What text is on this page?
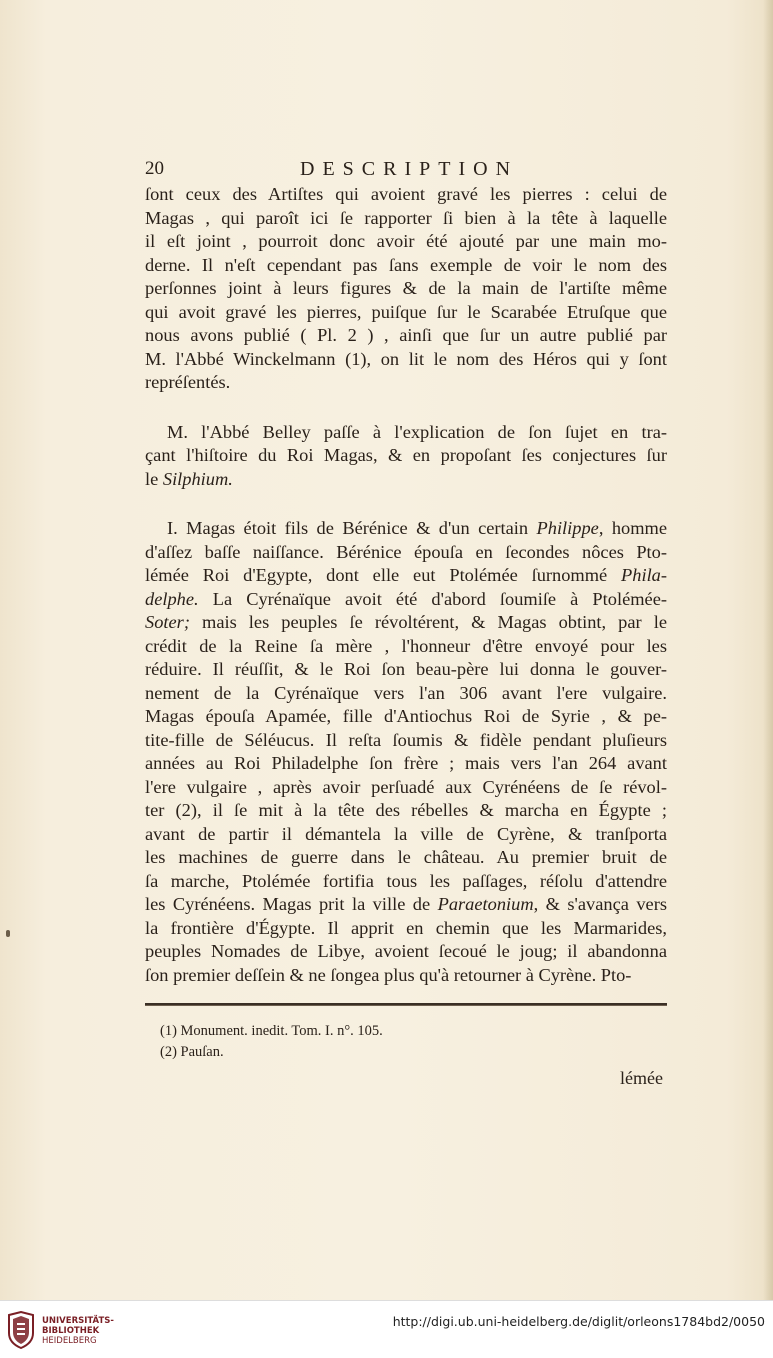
20	DESCRIPTION
ſont ceux des Artiſtes qui avoient gravé les pierres : celui de
Magas , qui paroît ici ſe rapporter ſi bien à la tête à laquelle
il eſt joint , pourroit donc avoir été ajouté par une main mo-
derne. Il n'eſt cependant pas ſans exemple de voir le nom des
perſonnes joint à leurs figures & de la main de l'artiſte même
qui avoit gravé les pierres, puiſque ſur le Scarabée Etruſque que
nous avons publié ( Pl. 2 ) , ainſi que ſur un autre publié par
M. l'Abbé Winckelmann (1), on lit le nom des Héros qui y ſont
repréſentés.
M. l'Abbé Belley paſſe à l'explication de ſon ſujet en tra-
çant l'hiſtoire du Roi Magas, & en propoſant ſes conjectures ſur
le Silphium.
I. Magas étoit fils de Bérénice & d'un certain Philippe, homme
d'aſſez baſſe naiſſance. Bérénice épouſa en ſecondes nôces Pto-
lémée Roi d'Egypte, dont elle eut Ptolémée ſurnommé Phila-
delphe. La Cyrénaïque avoit été d'abord ſoumiſe à Ptolémée-
Soter; mais les peuples ſe révoltérent, & Magas obtint, par le
crédit de la Reine ſa mère , l'honneur d'être envoyé pour les
réduire. Il réuſſit, & le Roi ſon beau-père lui donna le gouver-
nement de la Cyrénaïque vers l'an 306 avant l'ere vulgaire.
Magas épouſa Apamée, fille d'Antiochus Roi de Syrie , & pe-
tite-fille de Séléucus. Il reſta ſoumis & fidèle pendant pluſieurs
années au Roi Philadelphe ſon frère ; mais vers l'an 264 avant
l'ere vulgaire , après avoir perſuadé aux Cyrénéens de ſe révol-
ter (2), il ſe mit à la tête des rébelles & marcha en Égypte ;
avant de partir il démantela la ville de Cyrène, & tranſporta
les machines de guerre dans le château. Au premier bruit de
ſa marche, Ptolémée fortifia tous les paſſages, réſolu d'attendre
les Cyrénéens. Magas prit la ville de Paraetonium, & s'avança vers
la frontière d'Égypte. Il apprit en chemin que les Marmarides,
peuples Nomades de Libye, avoient ſecoué le joug; il abandonna
ſon premier deſſein & ne ſongea plus qu'à retourner à Cyrène. Pto-
(1) Monument. inedit. Tom. I. n°. 105.
(2) Pauſan.
lémée
UNIVERSITÄTS-
BIBLIOTHEK
HEIDELBERG
http://digi.ub.uni-heidelberg.de/diglit/orleons1784bd2/0050
